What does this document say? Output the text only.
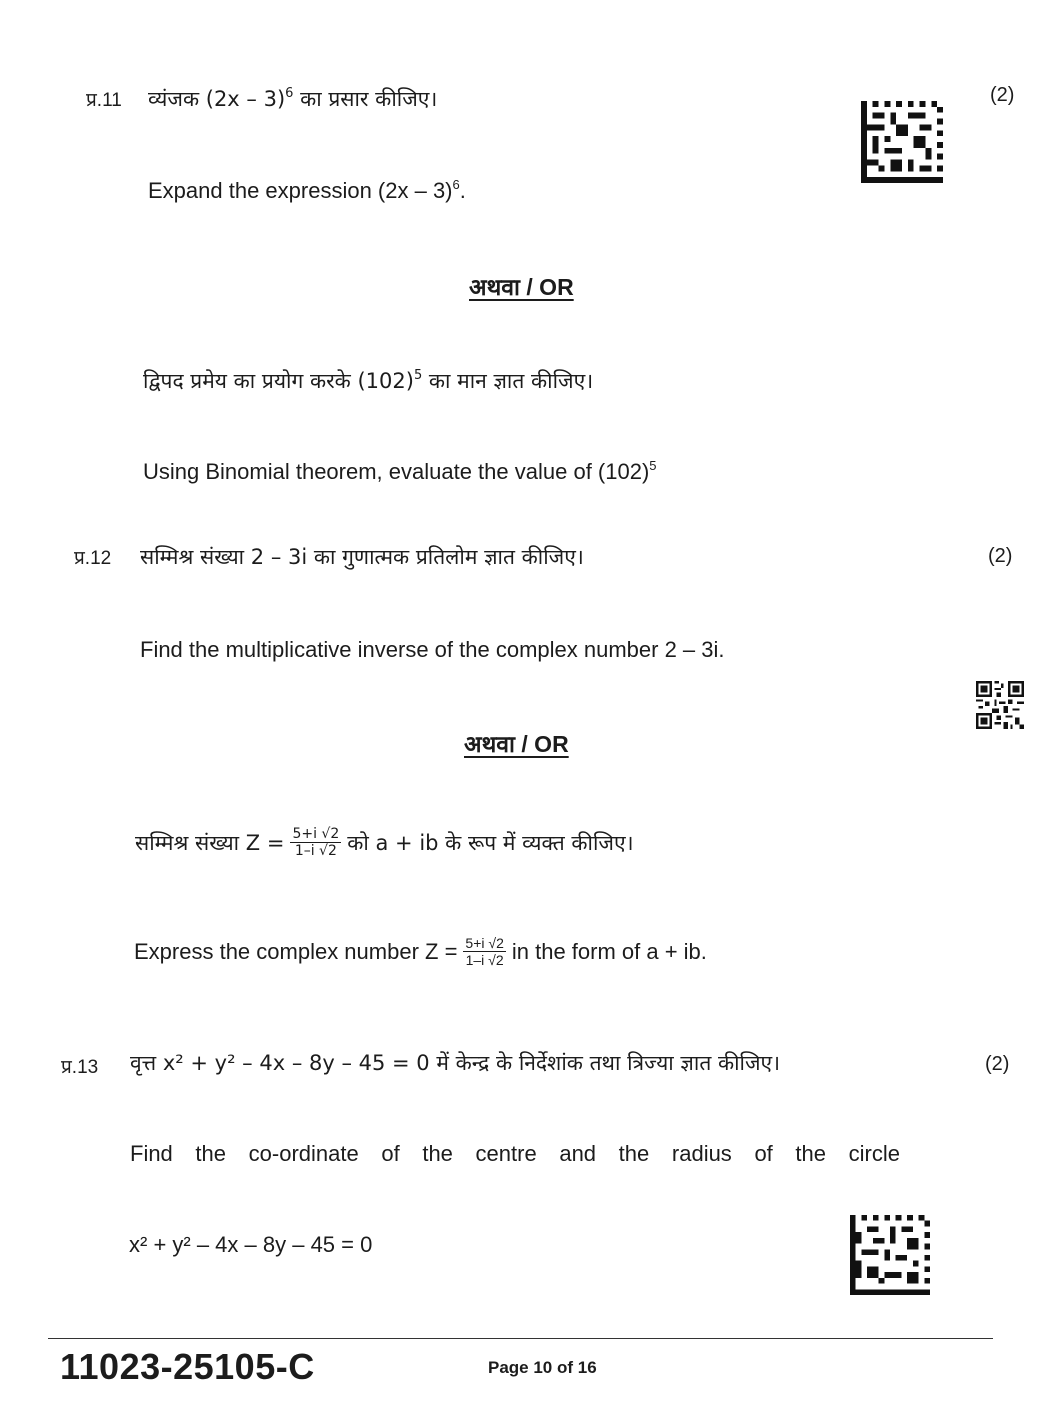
प्र.11 व्यंजक (2x – 3)$^6$ का प्रसार कीजिए।	(2)
Expand the expression (2x – 3)$^6$.
अथवा / OR
द्विपद प्रमेय का प्रयोग करके $(102)^5$ का मान ज्ञात कीजिए।
Using Binomial theorem, evaluate the value of $(102)^5$
प्र.12 सम्मिश्र संख्या 2 – 3i का गुणात्मक प्रतिलोम ज्ञात कीजिए।	(2)
Find the multiplicative inverse of the complex number 2 – 3i.
अथवा / OR
सम्मिश्र संख्या $Z = \frac{5+i √2}{1-i √2}$ को a + ib के रूप में व्यक्त कीजिए।
Express the complex number $Z = \frac{5+i √2}{1-i √2}$ in the form of a + ib.
प्र.13 वृत्त x² + y² – 4x – 8y – 45 = 0 में केन्द्र के निर्देशांक तथा त्रिज्या ज्ञात कीजिए।	(2)
Find the co-ordinate of the centre and the radius of the circle
x² + y² – 4x – 8y – 45 = 0
11023-25105-C	Page 10 of 16
